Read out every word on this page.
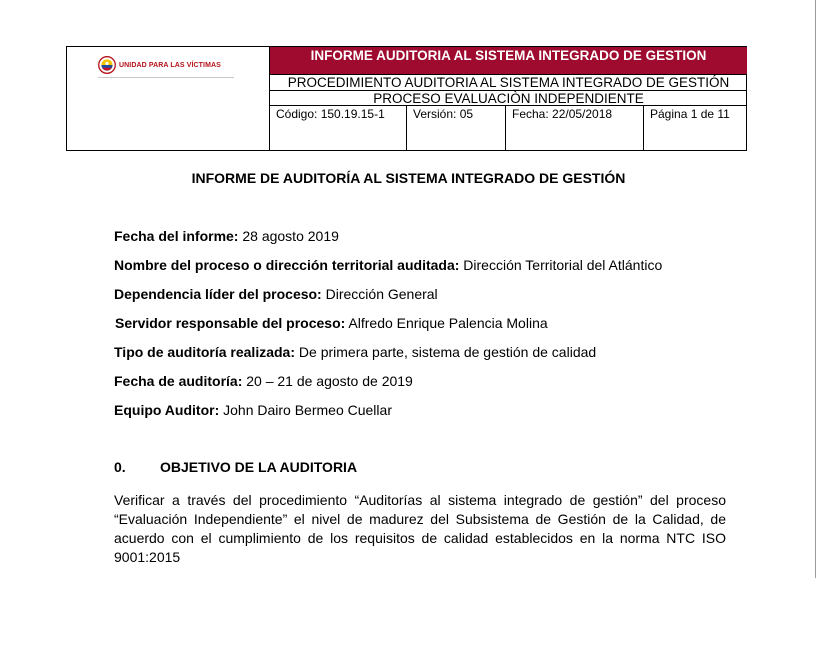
UNIDAD PARA LAS VÍCTIMAS
INFORME AUDITORIA AL SISTEMA INTEGRADO DE GESTION
PROCEDIMIENTO AUDITORIA AL SISTEMA INTEGRADO DE GESTIÓN
PROCESO EVALUACIÒN INDEPENDIENTE
Código: 150.19.15-1	Versión: 05	Fecha: 22/05/2018	Página 1 de 11
INFORME DE AUDITORÍA AL SISTEMA INTEGRADO DE GESTIÓN
Fecha del informe: 28 agosto 2019
Nombre del proceso o dirección territorial auditada: Dirección Territorial del Atlántico
Dependencia líder del proceso: Dirección General
Servidor responsable del proceso: Alfredo Enrique Palencia Molina
Tipo de auditoría realizada: De primera parte, sistema de gestión de calidad
Fecha de auditoría: 20 – 21 de agosto de 2019
Equipo Auditor: John Dairo Bermeo Cuellar
0. OBJETIVO DE LA AUDITORIA
Verificar a través del procedimiento “Auditorías al sistema integrado de gestión” del proceso “Evaluación Independiente” el nivel de madurez del Subsistema de Gestión de la Calidad, de acuerdo con el cumplimiento de los requisitos de calidad establecidos en la norma NTC ISO 9001:2015
